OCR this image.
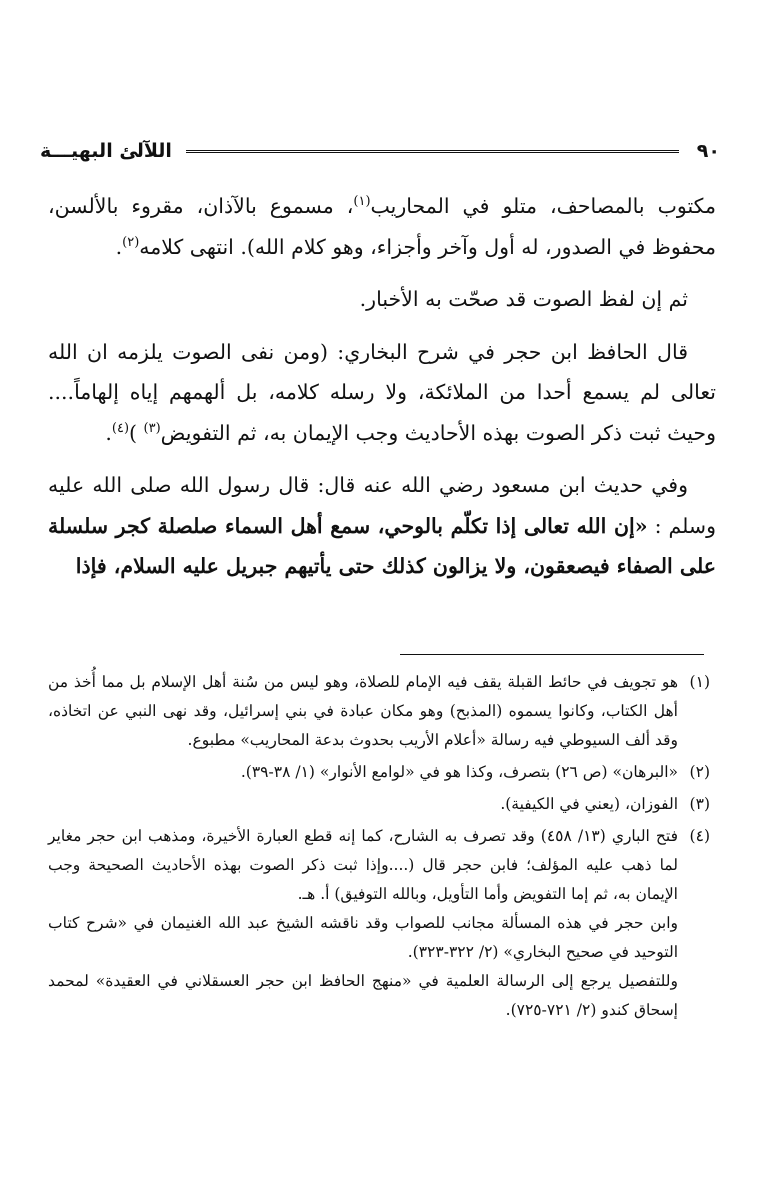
٩٠
اللآلئ البهيـــة

مكتوب بالمصاحف، متلو في المحاريب$^{(١)}$، مسموع بالآذان، مقروء بالألسن، محفوظ في الصدور، له أول وآخر وأجزاء، وهو كلام الله). انتهى كلامه$^{(٢)}$.

ثم إن لفظ الصوت قد صحّت به الأخبار.

قال الحافظ ابن حجر في شرح البخاري: (ومن نفى الصوت يلزمه ان الله تعالى لم يسمع أحدا من الملائكة، ولا رسله كلامه، بل ألهمهم إياه إلهاماً.... وحيث ثبت ذكر الصوت بهذه الأحاديث وجب الإيمان به، ثم التفويض$^{(٣)}$ )$^{(٤)}$.

وفي حديث ابن مسعود رضي الله عنه قال: قال رسول الله صلى الله عليه وسلم : «إن الله تعالى إذا تكلّم بالوحي، سمع أهل السماء صلصلة كجر سلسلة على الصفاء فيصعقون، ولا يزالون كذلك حتى يأتيهم جبريل عليه السلام، فإذا

(١)
هو تجويف في حائط القبلة يقف فيه الإمام للصلاة، وهو ليس من سُنة أهل الإسلام بل مما أُخذ من أهل الكتاب، وكانوا يسموه (المذبح) وهو مكان عبادة في بني إسرائيل، وقد نهى النبي عن اتخاذه، وقد ألف السيوطي فيه رسالة «أعلام الأريب بحدوث بدعة المحاريب» مطبوع.
(٢)
«البرهان» (ص ٢٦) بتصرف، وكذا هو في «لوامع الأنوار» (١/ ٣٨-٣٩).
(٣)
الفوزان، (يعني في الكيفية).
(٤)
فتح الباري (١٣/ ٤٥٨) وقد تصرف به الشارح، كما إنه قطع العبارة الأخيرة، ومذهب ابن حجر مغاير لما ذهب عليه المؤلف؛ فابن حجر قال (....وإذا ثبت ذكر الصوت بهذه الأحاديث الصحيحة وجب الإيمان به، ثم إما التفويض وأما التأويل، وبالله التوفيق) أ. هـ.
وابن حجر في هذه المسألة مجانب للصواب وقد ناقشه الشيخ عبد الله الغنيمان في «شرح كتاب التوحيد في صحيح البخاري» (٢/ ٣٢٢-٣٢٣).
وللتفصيل يرجع إلى الرسالة العلمية في «منهج الحافظ ابن حجر العسقلاني في العقيدة» لمحمد إسحاق كندو (٢/ ٧٢١-٧٢٥).
